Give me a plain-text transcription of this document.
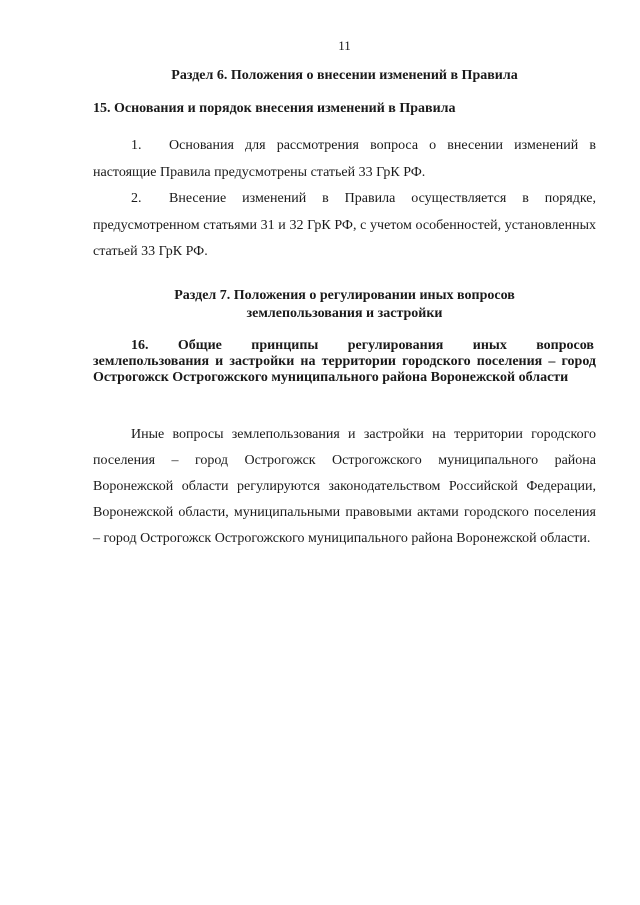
11
Раздел 6. Положения о внесении изменений в Правила
15. Основания и порядок внесения изменений в Правила
1. Основания для рассмотрения вопроса о внесении изменений в настоящие Правила предусмотрены статьей 33 ГрК РФ.
2. Внесение изменений в Правила осуществляется в порядке, предусмотренном статьями 31 и 32 ГрК РФ, с учетом особенностей, установленных статьей 33 ГрК РФ.
Раздел 7. Положения о регулировании иных вопросов
землепользования и застройки
16. Общие принципы регулирования иных вопросов
землепользования и застройки на территории городского поселения – город Острогожск Острогожского муниципального района Воронежской области
Иные вопросы землепользования и застройки на территории городского поселения – город Острогожск Острогожского муниципального района Воронежской области регулируются законодательством Российской Федерации, Воронежской области, муниципальными правовыми актами городского поселения – город Острогожск Острогожского муниципального района Воронежской области.
